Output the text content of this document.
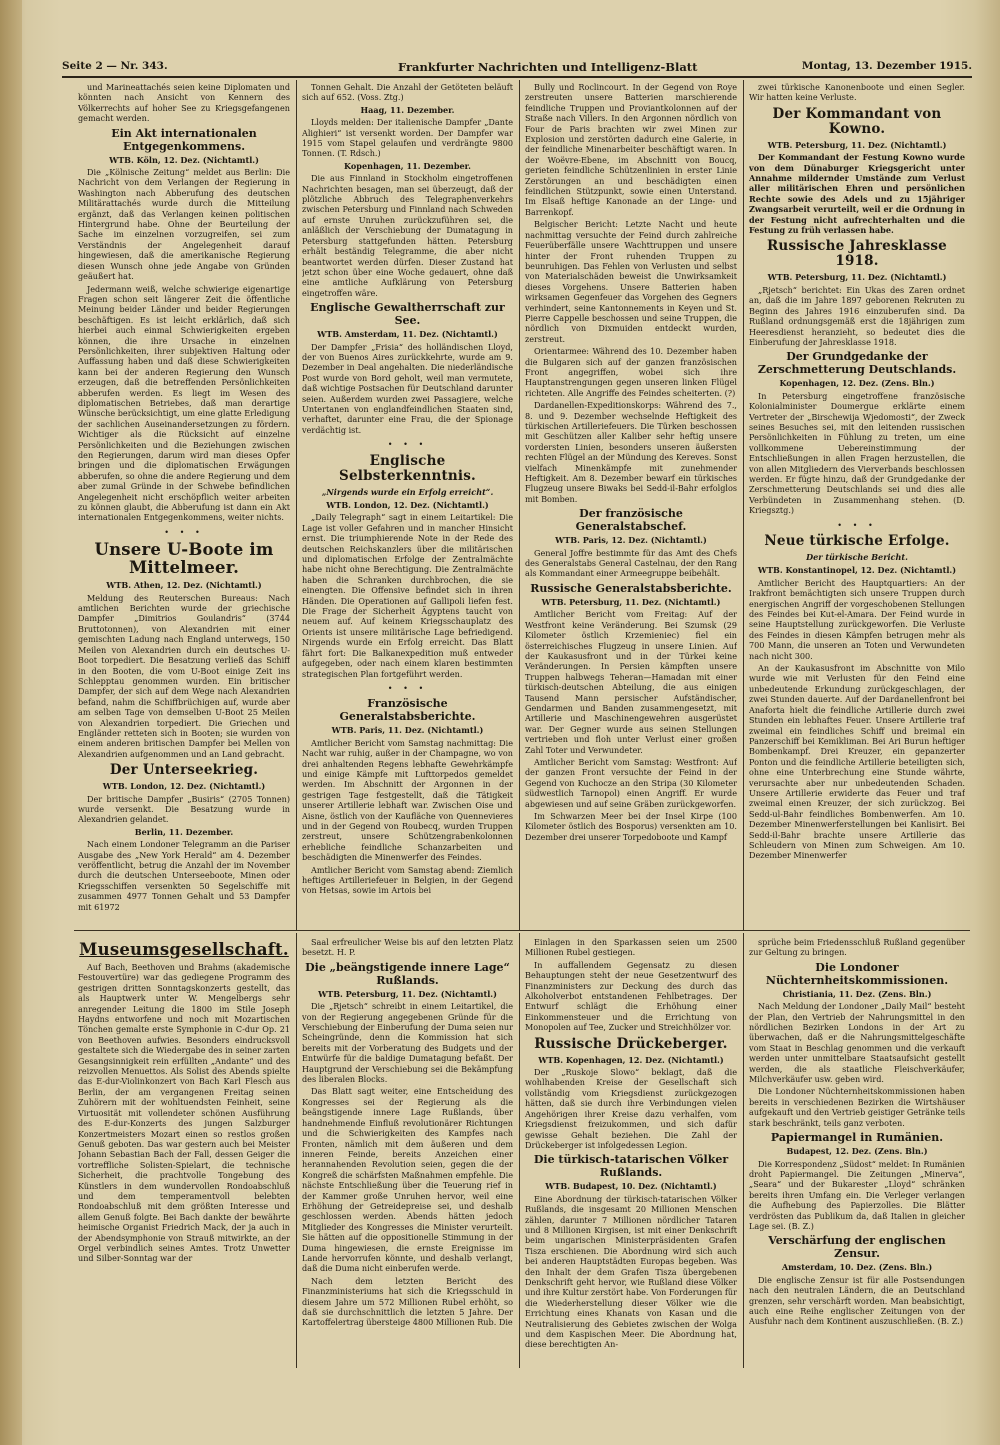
Seite 2 — Nr. 343.	Frankfurter Nachrichten und Intelligenz-Blatt	Montag, 13. Dezember 1915.

und Marineattachés seien keine Diplomaten und könnten nach Ansicht von Kennern des Völkerrechts auf hoher See zu Kriegsgefangenen gemacht werden.

Ein Akt internationalen Entgegenkommens.
WTB. Köln, 12. Dez. (Nichtamtl.)

Die „Kölnische Zeitung“ meldet aus Berlin: Die Nachricht von dem Verlangen der Regierung in Washington nach Abberufung des deutschen Militärattachés wurde durch die Mitteilung ergänzt, daß das Verlangen keinen politischen Hintergrund habe. Ohne der Beurteilung der Sache im einzelnen vorzugreifen, sei zum Verständnis der Angelegenheit darauf hingewiesen, daß die amerikanische Regierung diesen Wunsch ohne jede Angabe von Gründen geäußert hat.

Jedermann weiß, welche schwierige eigenartige Fragen schon seit längerer Zeit die öffentliche Meinung beider Länder und beider Regierungen beschäftigen. Es ist leicht erklärlich, daß sich hierbei auch einmal Schwierigkeiten ergeben können, die ihre Ursache in einzelnen Persönlichkeiten, ihrer subjektiven Haltung oder Auffassung haben und daß diese Schwierigkeiten kann bei der anderen Regierung den Wunsch erzeugen, daß die betreffenden Persönlichkeiten abberufen werden. Es liegt im Wesen des diplomatischen Betriebes, daß man derartige Wünsche berücksichtigt, um eine glatte Erledigung der sachlichen Auseinandersetzungen zu fördern. Wichtiger als die Rücksicht auf einzelne Persönlichkeiten und die Beziehungen zwischen den Regierungen, darum wird man dieses Opfer bringen und die diplomatischen Erwägungen abberufen, so ohne die andere Regierung und dem aber zumal Gründe in der Schwebe befindlichen Angelegenheit nicht erschöpflich weiter arbeiten zu können glaubt, die Abberufung ist dann ein Akt internationalen Entgegenkommens, weiter nichts.

• • •
Unsere U-Boote im Mittelmeer.
WTB. Athen, 12. Dez. (Nichtamtl.)

Meldung des Reuterschen Bureaus: Nach amtlichen Berichten wurde der griechische Dampfer „Dimitrios Goulandris“ (3744 Bruttotonnen), von Alexandrien mit einer gemischten Ladung nach England unterwegs, 150 Meilen von Alexandrien durch ein deutsches U-Boot torpediert. Die Besatzung verließ das Schiff in den Booten, die vom U-Boot einige Zeit ins Schlepptau genommen wurden. Ein britischer Dampfer, der sich auf dem Wege nach Alexandrien befand, nahm die Schiffbrüchigen auf, wurde aber am selben Tage von demselben U-Boot 25 Meilen von Alexandrien torpediert. Die Griechen und Engländer retteten sich in Booten; sie wurden von einem anderen britischen Dampfer bei Mellen von Alexandrien aufgenommen und an Land gebracht.

Der Unterseekrieg.
WTB. London, 12. Dez. (Nichtamtl.)

Der britische Dampfer „Busiris“ (2705 Tonnen) wurde versenkt. Die Besatzung wurde in Alexandrien gelandet.

Berlin, 11. Dezember.

Nach einem Londoner Telegramm an die Pariser Ausgabe des „New York Herald“ am 4. Dezember veröffentlicht, betrug die Anzahl der im November durch die deutschen Unterseeboote, Minen oder Kriegsschiffen versenkten 50 Segelschiffe mit zusammen 4977 Tonnen Gehalt und 53 Dampfer mit 61972

Tonnen Gehalt. Die Anzahl der Getöteten beläuft sich auf 652. (Voss. Ztg.)

Haag, 11. Dezember.

Lloyds melden: Der italienische Dampfer „Dante Alighieri“ ist versenkt worden. Der Dampfer war 1915 vom Stapel gelaufen und verdrängte 9800 Tonnen. (T. Rdsch.)

Kopenhagen, 11. Dezember.

Die aus Finnland in Stockholm eingetroffenen Nachrichten besagen, man sei überzeugt, daß der plötzliche Abbruch des Telegraphenverkehrs zwischen Petersburg und Finnland nach Schweden auf ernste Unruhen zurückzuführen sei, die anläßlich der Verschiebung der Dumatagung in Petersburg stattgefunden hätten. Petersburg erhält beständig Telegramme, die aber nicht beantwortet werden dürfen. Dieser Zustand hat jetzt schon über eine Woche gedauert, ohne daß eine amtliche Aufklärung von Petersburg eingetroffen wäre.

Englische Gewaltherrschaft zur See.
WTB. Amsterdam, 11. Dez. (Nichtamtl.)

Der Dampfer „Frisia“ des holländischen Lloyd, der von Buenos Aires zurückkehrte, wurde am 9. Dezember in Deal angehalten. Die niederländische Post wurde von Bord geholt, weil man vermutete, daß wichtige Postsachen für Deutschland darunter seien. Außerdem wurden zwei Passagiere, welche Untertanen von englandfeindlichen Staaten sind, verhaftet, darunter eine Frau, die der Spionage verdächtig ist.

• • •
Englische Selbsterkenntnis.
„Nirgends wurde ein Erfolg erreicht“.
WTB. London, 12. Dez. (Nichtamtl.)

„Daily Telegraph“ sagt in einem Leitartikel: Die Lage ist voller Gefahren und in mancher Hinsicht ernst. Die triumphierende Note in der Rede des deutschen Reichskanzlers über die militärischen und diplomatischen Erfolge der Zentralmächte habe nicht ohne Berechtigung. Die Zentralmächte haben die Schranken durchbrochen, die sie einengten. Die Offensive befindet sich in ihren Händen. Die Operationen auf Gallipoli liefen fest. Die Frage der Sicherheit Ägyptens taucht von neuem auf. Auf keinem Kriegsschauplatz des Orients ist unsere militärische Lage befriedigend. Nirgends wurde ein Erfolg erreicht. Das Blatt fährt fort: Die Balkanexpedition muß entweder aufgegeben, oder nach einem klaren bestimmten strategischen Plan fortgeführt werden.

• • •
Französische Generalstabsberichte.
WTB. Paris, 11. Dez. (Nichtamtl.)

Amtlicher Bericht vom Samstag nachmittag: Die Nacht war ruhig, außer in der Champagne, wo von drei anhaltenden Regens lebhafte Gewehrkämpfe und einige Kämpfe mit Lufttorpedos gemeldet werden. Im Abschnitt der Argonnen in der gestrigen Tage festgestellt, daß die Tätigkeit unserer Artillerie lebhaft war. Zwischen Oise und Aisne, östlich von der Kaufläche von Quennevieres und in der Gegend von Roubecq, wurden Truppen zerstreut, unsere Schützengrabenkolonnen erhebliche feindliche Schanzarbeiten und beschädigten die Minenwerfer des Feindes.

Amtlicher Bericht vom Samstag abend: Ziemlich heftiges Artilleriefeuer in Belgien, in der Gegend von Hetsas, sowie im Artois bei

Bully und Roclincourt. In der Gegend von Roye zerstreuten unsere Batterien marschierende feindliche Truppen und Proviantkolonnen auf der Straße nach Villers. In den Argonnen nördlich von Four de Paris brachten wir zwei Minen zur Explosion und zerstörten dadurch eine Galerie, in der feindliche Minenarbeiter beschäftigt waren. In der Woëvre-Ebene, im Abschnitt von Boucq, gerieten feindliche Schützenlinien in erster Linie Zerstörungen an und beschädigten einen feindlichen Stützpunkt, sowie einen Unterstand. Im Elsaß heftige Kanonade an der Linge- und Barrenkopf.

Belgischer Bericht: Letzte Nacht und heute nachmittag versuchte der Feind durch zahlreiche Feuerüberfälle unsere Wachttruppen und unsere hinter der Front ruhenden Truppen zu beunruhigen. Das Fehlen von Verlusten und selbst von Materialschäden beweist die Unwirksamkeit dieses Vorgehens. Unsere Batterien haben wirksamen Gegenfeuer das Vorgehen des Gegners verhindert, seine Kantonnements in Keyen und St. Pierre Cappelle beschossen und seine Truppen, die nördlich von Dixmuiden entdeckt wurden, zerstreut.

Orientarmee: Während des 10. Dezember haben die Bulgaren sich auf der ganzen französischen Front angegriffen, wobei sich ihre Hauptanstrengungen gegen unseren linken Flügel richteten. Alle Angriffe des Feindes scheiterten. (?)

Dardanellen-Expeditionskorps: Während des 7., 8. und 9. Dezember wechselnde Heftigkeit des türkischen Artilleriefeuers. Die Türken beschossen mit Geschützen aller Kaliber sehr heftig unsere vordersten Linien, besonders unseren äußersten rechten Flügel an der Mündung des Kereves. Sonst vielfach Minenkämpfe mit zunehmender Heftigkeit. Am 8. Dezember bewarf ein türkisches Flugzeug unsere Biwaks bei Sedd-il-Bahr erfolglos mit Bomben.

Der französische Generalstabschef.
WTB. Paris, 12. Dez. (Nichtamtl.)

General Joffre bestimmte für das Amt des Chefs des Generalstabs General Castelnau, der den Rang als Kommandant einer Armeegruppe beibehält.

Russische Generalstabsberichte.
WTB. Petersburg, 11. Dez. (Nichtamtl.)

Amtlicher Bericht vom Freitag: Auf der Westfront keine Veränderung. Bei Szumsk (29 Kilometer östlich Krzemieniec) fiel ein österreichisches Flugzeug in unsere Linien. Auf der Kaukasusfront und in der Türkei keine Veränderungen. In Persien kämpften unsere Truppen halbwegs Teheran—Hamadan mit einer türkisch-deutschen Abteilung, die aus einigen Tausend Mann persischer Aufständischer, Gendarmen und Banden zusammengesetzt, mit Artillerie und Maschinengewehren ausgerüstet war. Der Gegner wurde aus seinen Stellungen vertrieben und floh unter Verlust einer großen Zahl Toter und Verwundeter.

Amtlicher Bericht vom Samstag: Westfront: Auf der ganzen Front versuchte der Feind in der Gegend von Kuchocze an den Stripa (30 Kilometer südwestlich Tarnopol) einen Angriff. Er wurde abgewiesen und auf seine Gräben zurückgeworfen.

Im Schwarzen Meer bei der Insel Kirpe (100 Kilometer östlich des Bosporus) versenkten am 10. Dezember drei unserer Torpedoboote und Kampf

zwei türkische Kanonenboote und einen Segler. Wir hatten keine Verluste.

Der Kommandant von Kowno.
WTB. Petersburg, 11. Dez. (Nichtamtl.)

Der Kommandant der Festung Kowno wurde von dem Dünaburger Kriegsgericht unter Annahme mildernder Umstände zum Verlust aller militärischen Ehren und persönlichen Rechte sowie des Adels und zu 15jähriger Zwangsarbeit verurteilt, weil er die Ordnung in der Festung nicht aufrechterhalten und die Festung zu früh verlassen habe.

Russische Jahresklasse 1918.
WTB. Petersburg, 11. Dez. (Nichtamtl.)

„Rjetsch“ berichtet: Ein Ukas des Zaren ordnet an, daß die im Jahre 1897 geborenen Rekruten zu Beginn des Jahres 1916 einzuberufen sind. Da Rußland ordnungsgemäß erst die 18jährigen zum Heeresdienst heranzieht, so bedeutet dies die Einberufung der Jahresklasse 1918.

Der Grundgedanke der Zerschmetterung Deutschlands.
Kopenhagen, 12. Dez. (Zens. Bln.)

In Petersburg eingetroffene französische Kolonialminister Doumergue erklärte einem Vertreter der „Birschewija Wjedomosti“, der Zweck seines Besuches sei, mit den leitenden russischen Persönlichkeiten in Fühlung zu treten, um eine vollkommene Uebereinstimmung der Entschließungen in allen Fragen herzustellen, die von allen Mitgliedern des Vierverbands beschlossen werden. Er fügte hinzu, daß der Grundgedanke der Zerschmetterung Deutschlands sei und dies alle Verbündeten in Zusammenhang stehen. (D. Kriegsztg.)

• • •
Neue türkische Erfolge.
Der türkische Bericht.
WTB. Konstantinopel, 12. Dez. (Nichtamtl.)

Amtlicher Bericht des Hauptquartiers: An der Irakfront bemächtigten sich unsere Truppen durch energischen Angriff der vorgeschobenen Stellungen des Feindes bei Kut-el-Amara. Der Feind wurde in seine Hauptstellung zurückgeworfen. Die Verluste des Feindes in diesen Kämpfen betrugen mehr als 700 Mann, die unseren an Toten und Verwundeten nach nicht 300.

An der Kaukasusfront im Abschnitte von Milo wurde wie mit Verlusten für den Feind eine unbedeutende Erkundung zurückgeschlagen, der zwei Stunden dauerte. Auf der Dardanellenfront bei Anaforta hielt die feindliche Artillerie durch zwei Stunden ein lebhaftes Feuer. Unsere Artillerie traf zweimal ein feindliches Schiff und breimal ein Panzerschiff bei Kemikliman. Bei Ari Burun heftiger Bombenkampf. Drei Kreuzer, ein gepanzerter Ponton und die feindliche Artillerie beteiligten sich, ohne eine Unterbrechung eine Stunde währte, verursachte aber nur unbedeutenden Schaden. Unsere Artillerie erwiderte das Feuer und traf zweimal einen Kreuzer, der sich zurückzog. Bei Sedd-ul-Bahr feindliches Bombenwerfen. Am 10. Dezember Minenwerferstellungen bei Kanlisirt. Bei Sedd-il-Bahr brachte unsere Artillerie das Schleudern von Minen zum Schweigen. Am 10. Dezember Minenwerfer

Museumsgesellschaft.

Auf Bach, Beethoven und Brahms (akademische Festouvertüre) war das gediegene Programm des gestrigen dritten Sonntagskonzerts gestellt, das als Hauptwerk unter W. Mengelbergs sehr anregender Leitung die 1800 im Stile Joseph Haydns entworfene und noch mit Mozartischen Tönchen gemalte erste Symphonie in C-dur Op. 21 von Beethoven aufwies. Besonders eindrucksvoll gestaltete sich die Wiedergabe des in seiner zarten Gesangsinnigkeit rein erfüllten „Andante“ und des reizvollen Menuettos. Als Solist des Abends spielte das E-dur-Violinkonzert von Bach Karl Flesch aus Berlin, der am vergangenen Freitag seinen Zuhörern mit der wohltuendsten Feinheit, seine Virtuosität mit vollendeter schönen Ausführung des E-dur-Konzerts des jungen Salzburger Konzertmeisters Mozart einen so restlos großen Genuß geboten. Das war gestern auch bei Meister Johann Sebastian Bach der Fall, dessen Geiger die vortreffliche Solisten-Spielart, die technische Sicherheit, die prachtvolle Tongebung des Künstlers in dem wundervollen Rondoabschluß und dem temperamentvoll belebten Rondoabschluß mit dem größten Interesse und allem Genuß folgte. Bei Bach dankte der bewährte heimische Organist Friedrich Mack, der ja auch in der Abendsymphonie von Strauß mitwirkte, an der Orgel verbindlich seines Amtes. Trotz Unwetter und Silber-Sonntag war der

Saal erfreulicher Weise bis auf den letzten Platz besetzt. H. P.

Die „beängstigende innere Lage“ Rußlands.
WTB. Petersburg, 11. Dez. (Nichtamtl.)

Die „Rjetsch“ schreibt in einem Leitartikel, die von der Regierung angegebenen Gründe für die Verschiebung der Einberufung der Duma seien nur Scheingründe, denn die Kommission hat sich bereits mit der Vorberatung des Budgets und der Entwürfe für die baldige Dumatagung befaßt. Der Hauptgrund der Verschiebung sei die Bekämpfung des liberalen Blocks.

Das Blatt sagt weiter, eine Entscheidung des Kongresses sei der Regierung als die beängstigende innere Lage Rußlands, über handnehmende Einfluß revolutionärer Richtungen und die Schwierigkeiten des Kampfes nach Fronten, nämlich mit dem äußeren und dem inneren Feinde, bereits Anzeichen einer herannahenden Revolution seien, gegen die der Kongreß die schärfsten Maßnahmen empfehle. Die nächste Entschließung über die Teuerung rief in der Kammer große Unruhen hervor, weil eine Erhöhung der Getreidepreise sei, und deshalb geschlossen werden. Abends hätten jedoch Mitglieder des Kongresses die Minister verurteilt. Sie hätten auf die oppositionelle Stimmung in der Duma hingewiesen, die ernste Ereignisse im Lande hervorrufen könnte, und deshalb verlangt, daß die Duma nicht einberufen werde.

Nach dem letzten Bericht des Finanzministeriums hat sich die Kriegsschuld in diesem Jahre um 572 Millionen Rubel erhöht, so daß sie durchschnittlich die letzten 5 Jahre. Der Kartoffelertrag übersteige 4800 Millionen Rub. Die

Einlagen in den Sparkassen seien um 2500 Millionen Rubel gestiegen.

In auffallendem Gegensatz zu diesen Behauptungen steht der neue Gesetzentwurf des Finanzministers zur Deckung des durch das Alkoholverbot entstandenen Fehlbetrages. Der Entwurf schlägt die Erhöhung einer Einkommensteuer und die Errichtung von Monopolen auf Tee, Zucker und Streichhölzer vor.

Russische Drückeberger.
WTB. Kopenhagen, 12. Dez. (Nichtamtl.)

Der „Ruskoje Slowo“ beklagt, daß die wohlhabenden Kreise der Gesellschaft sich vollständig vom Kriegsdienst zurückgezogen hätten, daß sie durch ihre Verbindungen vielen Angehörigen ihrer Kreise dazu verhalfen, vom Kriegsdienst freizukommen, und sich dafür gewisse Gehalt beziehen. Die Zahl der Drückeberger ist infolgedessen Legion.

Die türkisch-tatarischen Völker Rußlands.
WTB. Budapest, 10. Dez. (Nichtamtl.)

Eine Abordnung der türkisch-tatarischen Völker Rußlands, die insgesamt 20 Millionen Menschen zählen, darunter 7 Millionen nördlicher Tataren und 8 Millionen Kirgisen, ist mit einer Denkschrift beim ungarischen Ministerpräsidenten Grafen Tisza erschienen. Die Abordnung wird sich auch bei anderen Hauptstädten Europas begeben. Was den Inhalt der dem Grafen Tisza übergebenen Denkschrift geht hervor, wie Rußland diese Völker und ihre Kultur zerstört habe. Von Forderungen für die Wiederherstellung dieser Völker wie die Errichtung eines Khanats von Kasan und die Neutralisierung des Gebietes zwischen der Wolga und dem Kaspischen Meer. Die Abordnung hat, diese berechtigten An-

sprüche beim Friedensschluß Rußland gegenüber zur Geltung zu bringen.

Die Londoner Nüchternheitskommissionen.
Christiania, 11. Dez. (Zens. Bln.)

Nach Meldung der Londoner „Daily Mail“ besteht der Plan, den Vertrieb der Nahrungsmittel in den nördlichen Bezirken Londons in der Art zu überwachen, daß er die Nahrungsmittelgeschäfte vom Staat in Beschlag genommen und die verkauft werden unter unmittelbare Staatsaufsicht gestellt werden, die als staatliche Fleischverkäufer, Milchverkäufer usw. geben wird.

Die Londoner Nüchternheitskommissionen haben bereits in verschiedenen Bezirken die Wirtshäuser aufgekauft und den Vertrieb geistiger Getränke teils stark beschränkt, teils ganz verboten.

Papiermangel in Rumänien.
Budapest, 12. Dez. (Zens. Bln.)

Die Korrespondenz „Südost“ meldet: In Rumänien droht Papiermangel. Die Zeitungen „Minerva“, „Seara“ und der Bukarester „Lloyd“ schränken bereits ihren Umfang ein. Die Verleger verlangen die Aufhebung des Papierzolles. Die Blätter verdrösten das Publikum da, daß Italien in gleicher Lage sei. (B. Z.)

Verschärfung der englischen Zensur.
Amsterdam, 10. Dez. (Zens. Bln.)

Die englische Zensur ist für alle Postsendungen nach den neutralen Ländern, die an Deutschland grenzen, sehr verschärft worden. Man beabsichtigt, auch eine Reihe englischer Zeitungen von der Ausfuhr nach dem Kontinent auszuschließen. (B. Z.)
